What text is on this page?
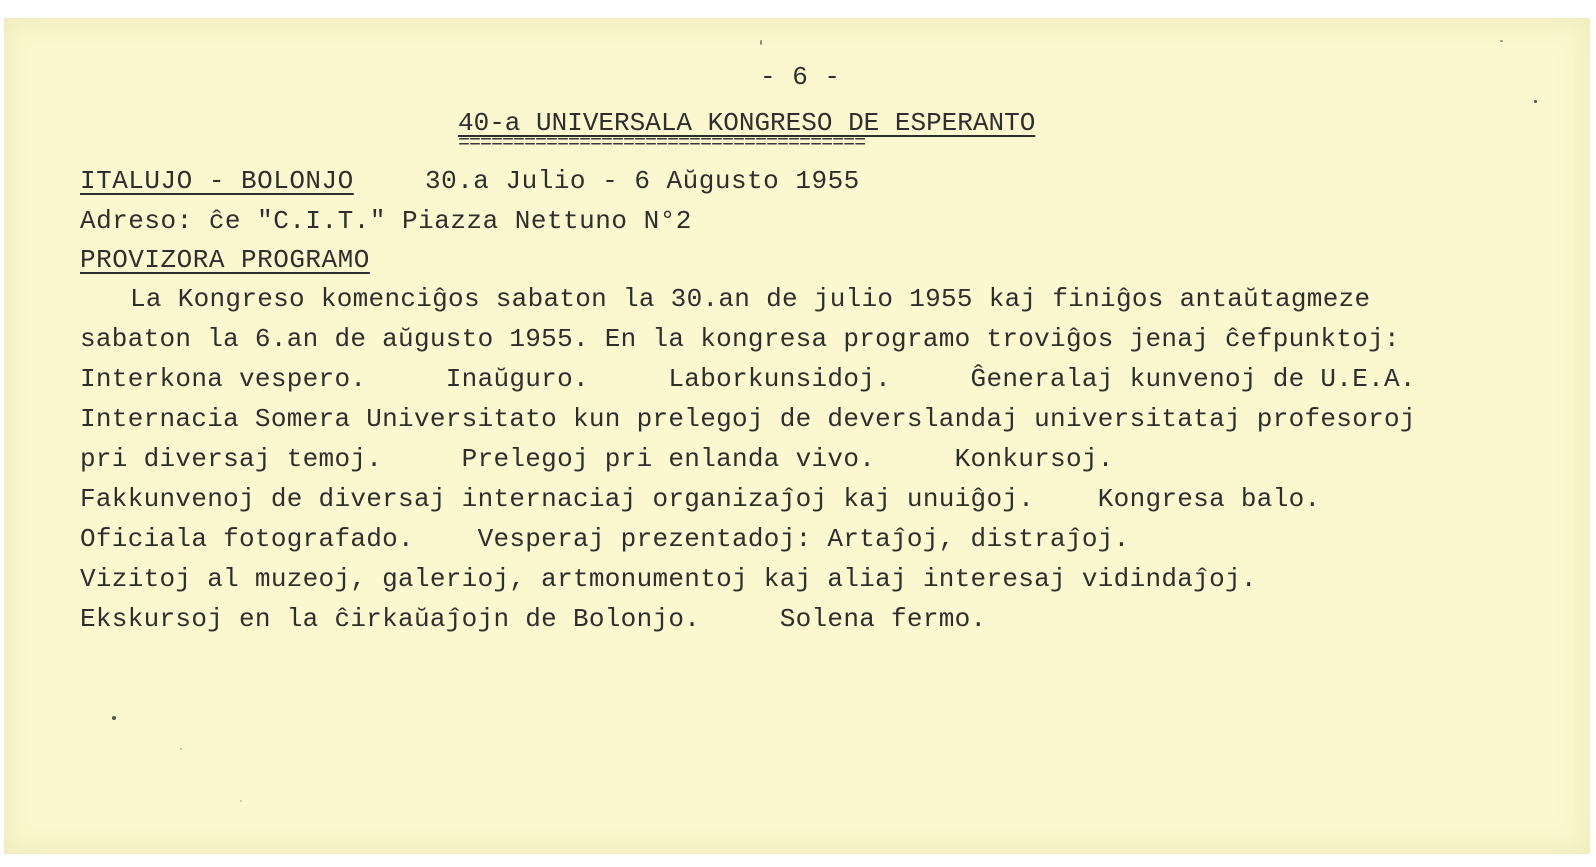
- 6 -
40-a UNIVERSALA KONGRESO DE ESPERANTO
=====================================
ITALUJO - BOLONJO	30.a Julio - 6 Aŭgusto 1955
Adreso: ĉe "C.I.T." Piazza Nettuno N°2
PROVIZORA PROGRAMO
La Kongreso komenciĝos sabaton la 30.an de julio 1955 kaj finiĝos antaŭtagmeze
sabaton la 6.an de aŭgusto 1955. En la kongresa programo troviĝos jenaj ĉefpunktoj:
Interkona vespero.     Inaŭguro.     Laborkunsidoj.     Ĝeneralaj kunvenoj de U.E.A.
Internacia Somera Universitato kun prelegoj de deverslandaj universitataj profesoroj
pri diversaj temoj.     Prelegoj pri enlanda vivo.     Konkursoj.
Fakkunvenoj de diversaj internaciaj organizaĵoj kaj unuiĝoj.    Kongresa balo.
Oficiala fotografado.    Vesperaj prezentadoj: Artaĵoj, distraĵoj.
Vizitoj al muzeoj, galerioj, artmonumentoj kaj aliaj interesaj vidindaĵoj.
Ekskursoj en la ĉirkaŭaĵojn de Bolonjo.     Solena fermo.
